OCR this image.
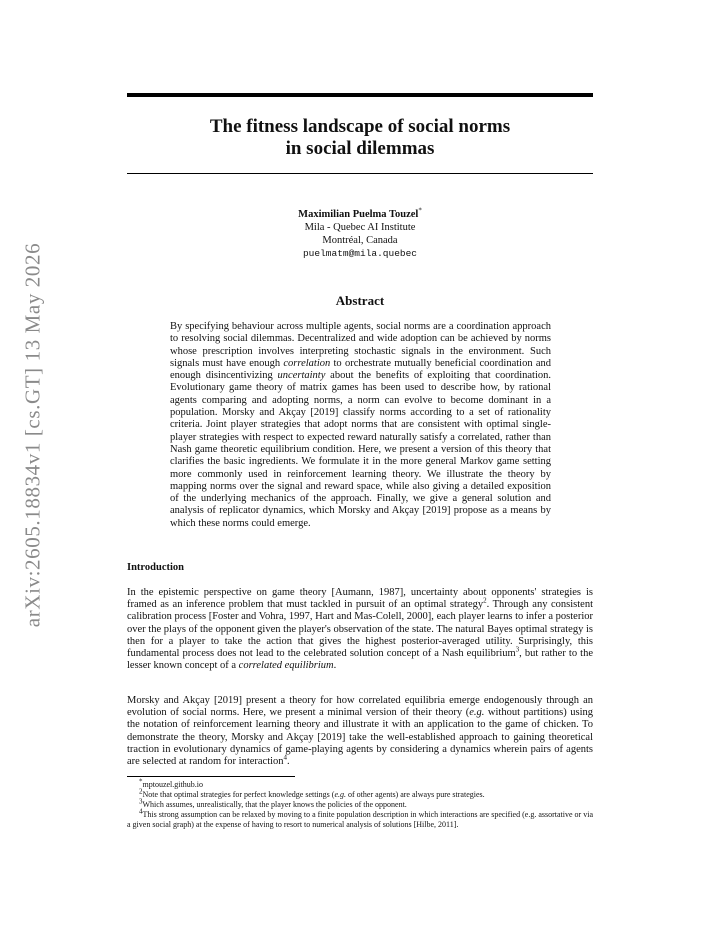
arXiv:2605.18834v1 [cs.GT] 13 May 2026
The fitness landscape of social norms
in social dilemmas
Maximilian Puelma Touzel*
Mila - Quebec AI Institute
Montréal, Canada
puelmatm@mila.quebec
Abstract
By specifying behaviour across multiple agents, social norms are a coordination approach to resolving social dilemmas. Decentralized and wide adoption can be achieved by norms whose prescription involves interpreting stochastic signals in the environment. Such signals must have enough correlation to orchestrate mutually beneficial coordination and enough disincentivizing uncertainty about the benefits of exploiting that coordination. Evolutionary game theory of matrix games has been used to describe how, by rational agents comparing and adopting norms, a norm can evolve to become dominant in a population. Morsky and Akçay [2019] classify norms according to a set of rationality criteria. Joint player strategies that adopt norms that are consistent with optimal single-player strategies with respect to expected reward naturally satisfy a correlated, rather than Nash game theoretic equilibrium condition. Here, we present a version of this theory that clarifies the basic ingredients. We formulate it in the more general Markov game setting more commonly used in reinforcement learning theory. We illustrate the theory by mapping norms over the signal and reward space, while also giving a detailed exposition of the underlying mechanics of the approach. Finally, we give a general solution and analysis of replicator dynamics, which Morsky and Akçay [2019] propose as a means by which these norms could emerge.
Introduction
In the epistemic perspective on game theory [Aumann, 1987], uncertainty about opponents' strategies is framed as an inference problem that must tackled in pursuit of an optimal strategy$^2$. Through any consistent calibration process [Foster and Vohra, 1997, Hart and Mas-Colell, 2000], each player learns to infer a posterior over the plays of the opponent given the player's observation of the state. The natural Bayes optimal strategy is then for a player to take the action that gives the highest posterior-averaged utility. Surprisingly, this fundamental process does not lead to the celebrated solution concept of a Nash equilibrium$^3$, but rather to the lesser known concept of a correlated equilibrium.
Morsky and Akçay [2019] present a theory for how correlated equilibria emerge endogenously through an evolution of social norms. Here, we present a minimal version of their theory (e.g. without partitions) using the notation of reinforcement learning theory and illustrate it with an application to the game of chicken. To demonstrate the theory, Morsky and Akçay [2019] take the well-established approach to gaining theoretical traction in evolutionary dynamics of game-playing agents by considering a dynamics wherein pairs of agents are selected at random for interaction$^4$.

*mptouzel.github.io

$^2$Note that optimal strategies for perfect knowledge settings (e.g. of other agents) are always pure strategies.

$^3$Which assumes, unrealistically, that the player knows the policies of the opponent.

$^4$This strong assumption can be relaxed by moving to a finite population description in which interactions are specified (e.g. assortative or via a given social graph) at the expense of having to resort to numerical analysis of solutions [Hilbe, 2011].
